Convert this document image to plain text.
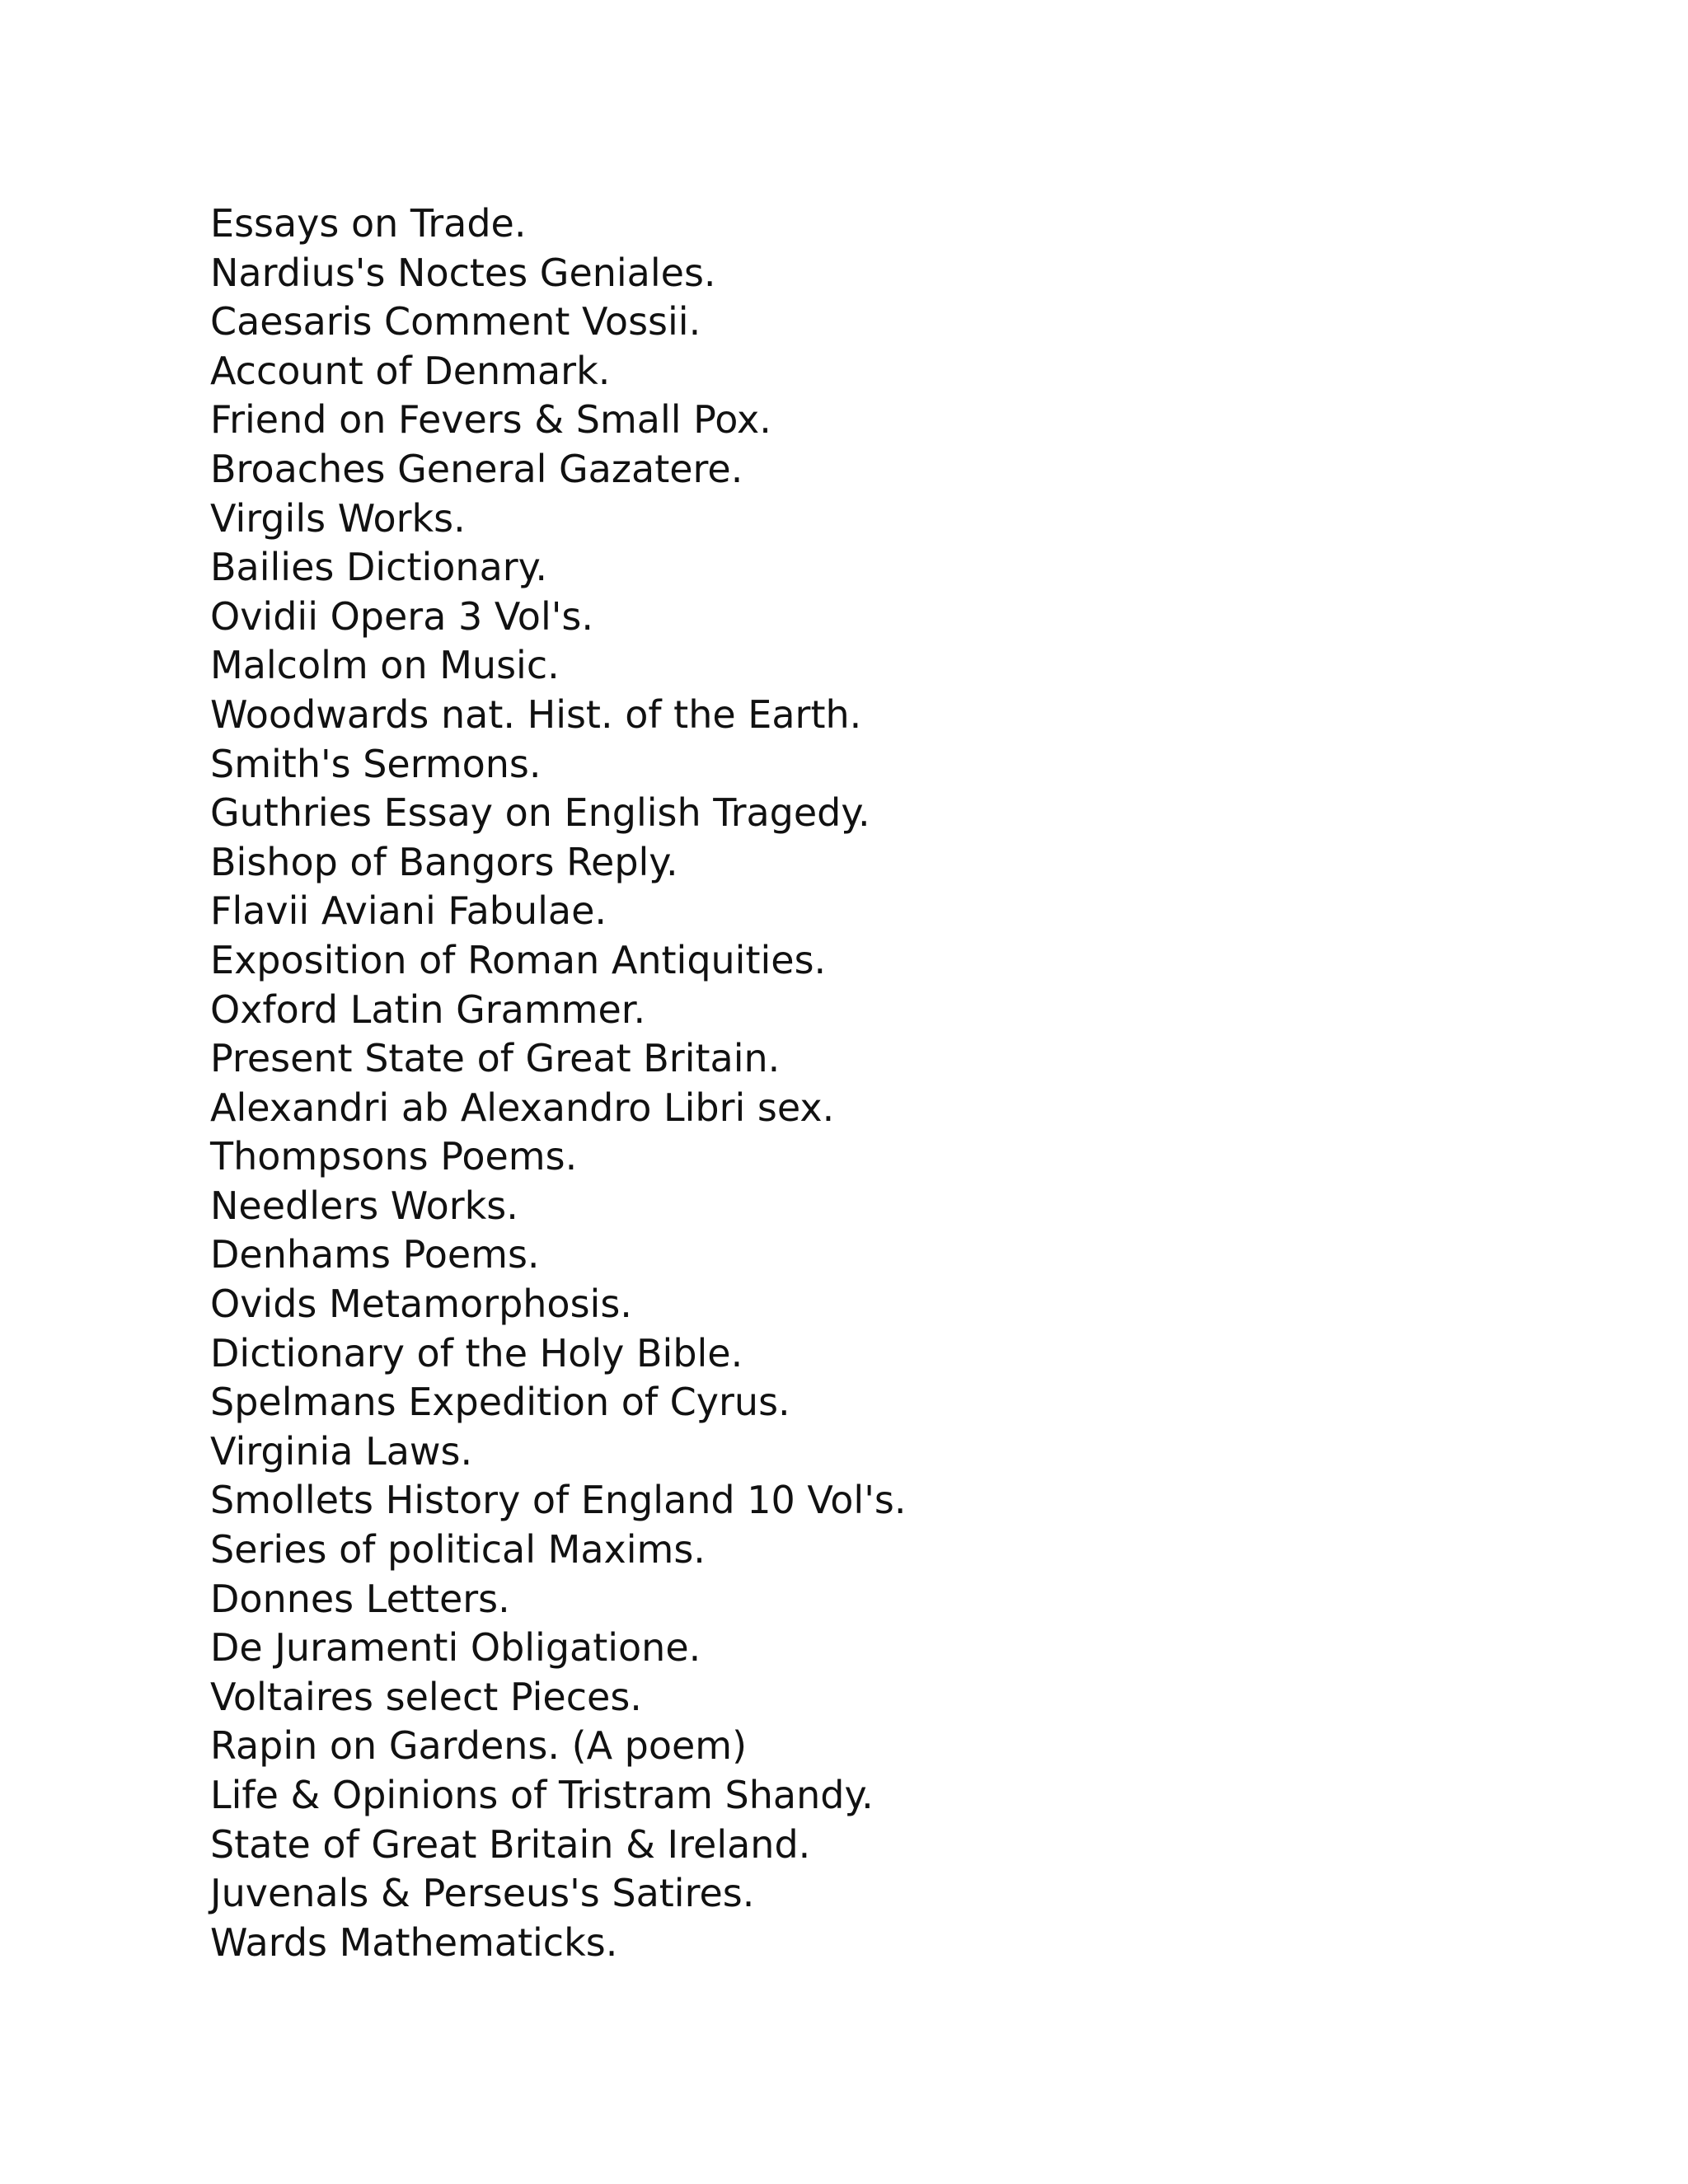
Essays on Trade.
Nardius's Noctes Geniales.
Caesaris Comment Vossii.
Account of Denmark.
Friend on Fevers & Small Pox.
Broaches General Gazatere.
Virgils Works.
Bailies Dictionary.
Ovidii Opera 3 Vol's.
Malcolm on Music.
Woodwards nat. Hist. of the Earth.
Smith's Sermons.
Guthries Essay on English Tragedy.
Bishop of Bangors Reply.
Flavii Aviani Fabulae.
Exposition of Roman Antiquities.
Oxford Latin Grammer.
Present State of Great Britain.
Alexandri ab Alexandro Libri sex.
Thompsons Poems.
Needlers Works.
Denhams Poems.
Ovids Metamorphosis.
Dictionary of the Holy Bible.
Spelmans Expedition of Cyrus.
Virginia Laws.
Smollets History of England 10 Vol's.
Series of political Maxims.
Donnes Letters.
De Juramenti Obligatione.
Voltaires select Pieces.
Rapin on Gardens. (A poem)
Life & Opinions of Tristram Shandy.
State of Great Britain & Ireland.
Juvenals & Perseus's Satires.
Wards Mathematicks.
